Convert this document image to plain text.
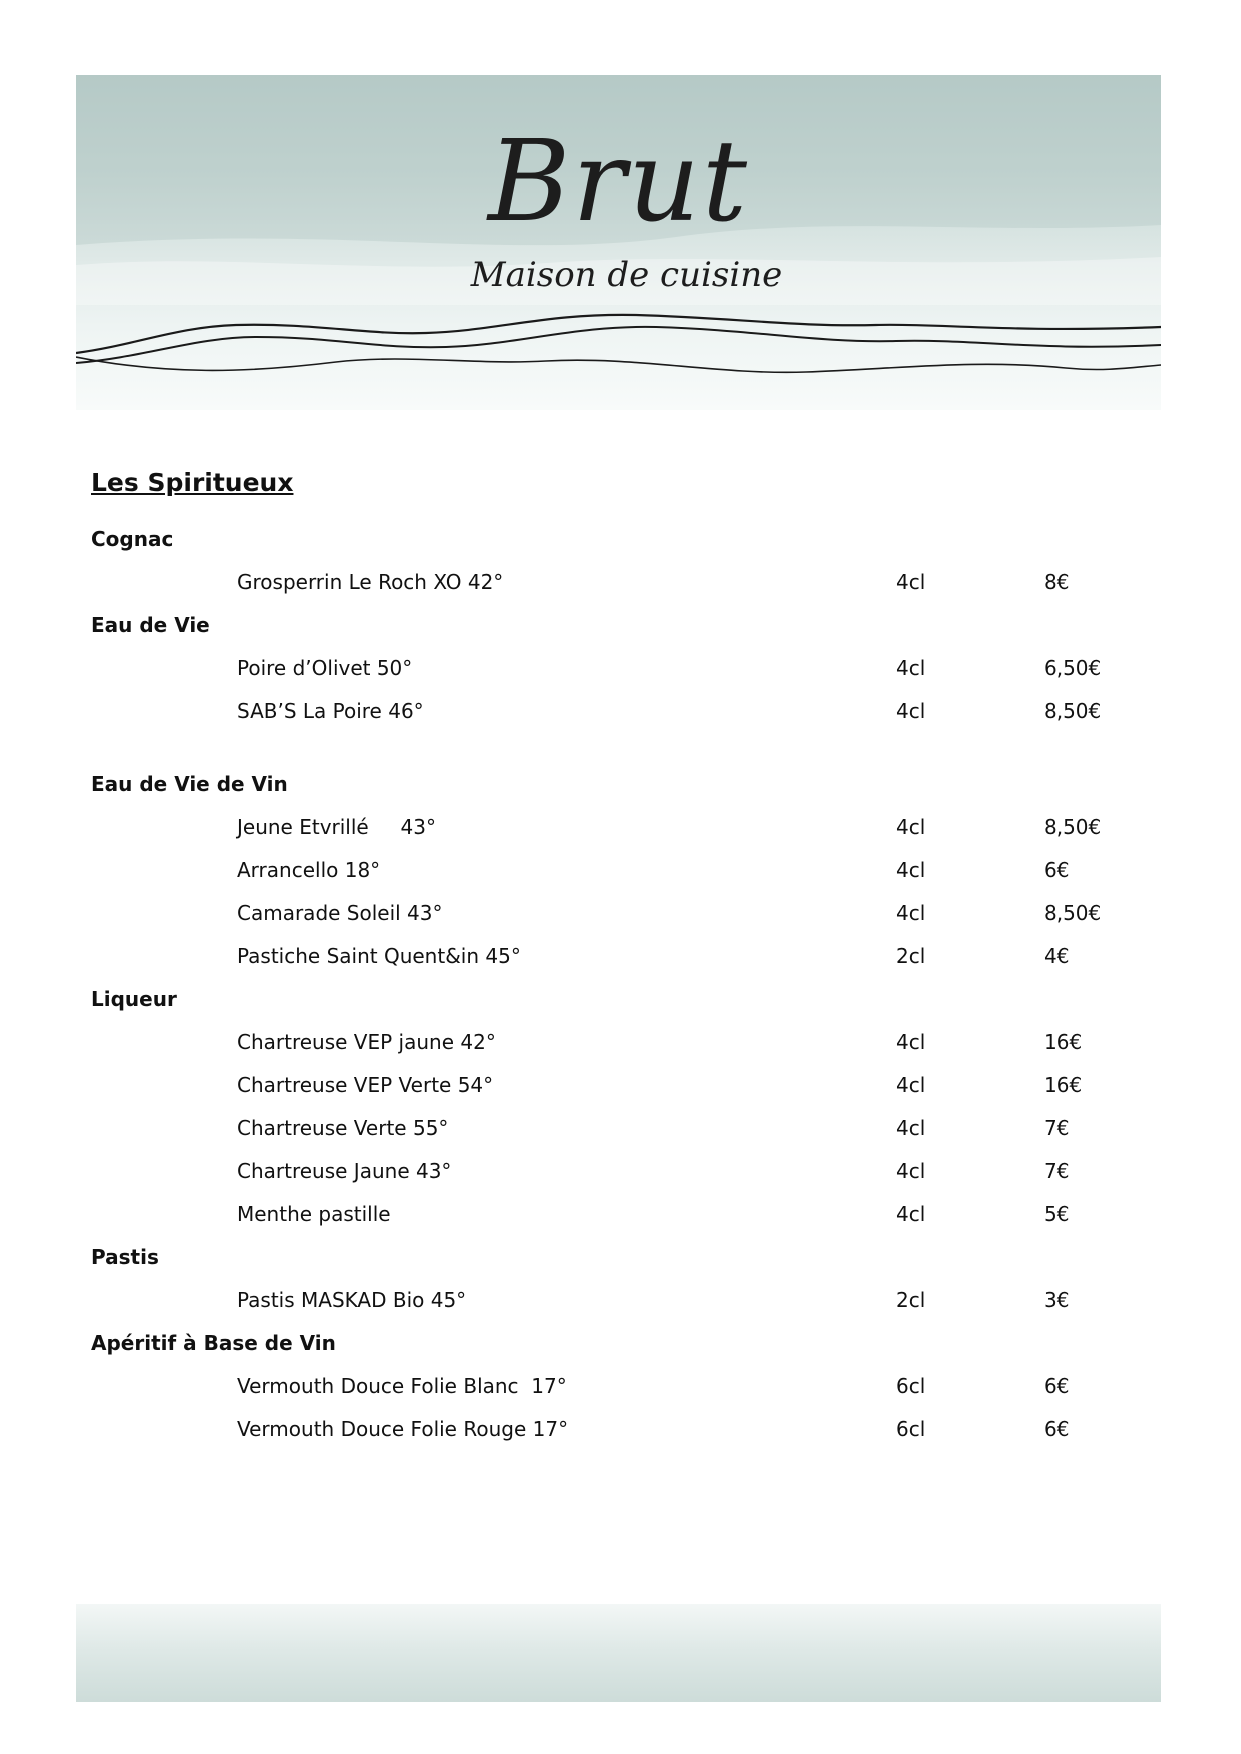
Brut
Maison de cuisine
Les Spiritueux
Cognac
Grosperrin Le Roch XO 42°	4cl	8€
Eau de Vie
Poire d’Olivet 50°	4cl	6,50€
SAB’S La Poire 46°	4cl	8,50€
Eau de Vie de Vin
Jeune Etvrillé     43°	4cl	8,50€
Arrancello 18°	4cl	6€
Camarade Soleil 43°	4cl	8,50€
Pastiche Saint Quent&in 45°	2cl	4€
Liqueur
Chartreuse VEP jaune 42°	4cl	16€
Chartreuse VEP Verte 54°	4cl	16€
Chartreuse Verte 55°	4cl	7€
Chartreuse Jaune 43°	4cl	7€
Menthe pastille	4cl	5€
Pastis
Pastis MASKAD Bio 45°	2cl	3€
Apéritif à Base de Vin
Vermouth Douce Folie Blanc  17°	6cl	6€
Vermouth Douce Folie Rouge 17°	6cl	6€
